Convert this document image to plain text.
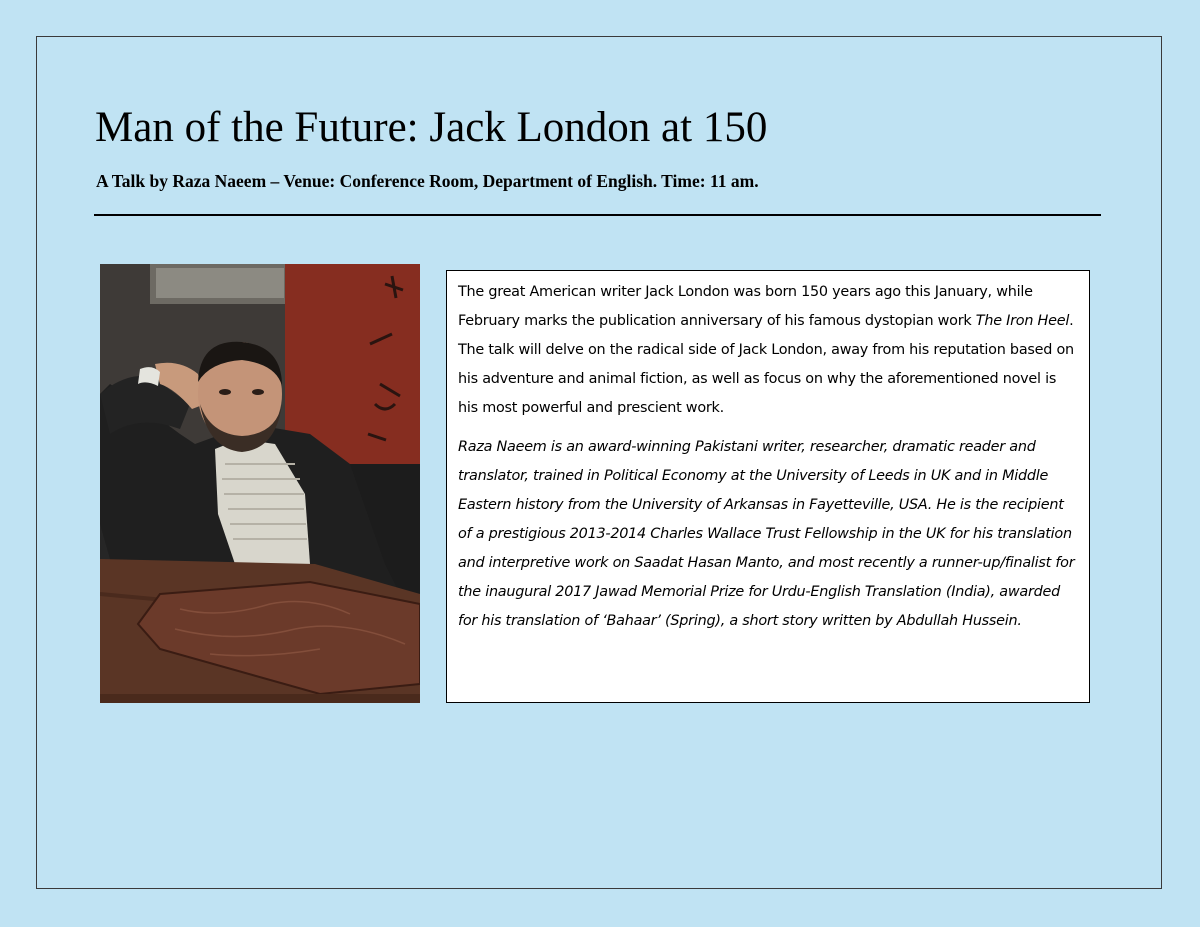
Man of the Future: Jack London at 150

A Talk by Raza Naeem – Venue: Conference Room, Department of English. Time: 11 am.

The great American writer Jack London was born 150 years ago this January, while February marks the publication anniversary of his famous dystopian work The Iron Heel. The talk will delve on the radical side of Jack London, away from his reputation based on his adventure and animal fiction, as well as focus on why the aforementioned novel is his most powerful and prescient work.

Raza Naeem is an award-winning Pakistani writer, researcher, dramatic reader and translator, trained in Political Economy at the University of Leeds in UK and in Middle Eastern history from the University of Arkansas in Fayetteville, USA. He is the recipient of a prestigious 2013-2014 Charles Wallace Trust Fellowship in the UK for his translation and interpretive work on Saadat Hasan Manto, and most recently a runner-up/finalist for the inaugural 2017 Jawad Memorial Prize for Urdu-English Translation (India), awarded for his translation of ‘Bahaar’ (Spring), a short story written by Abdullah Hussein.
